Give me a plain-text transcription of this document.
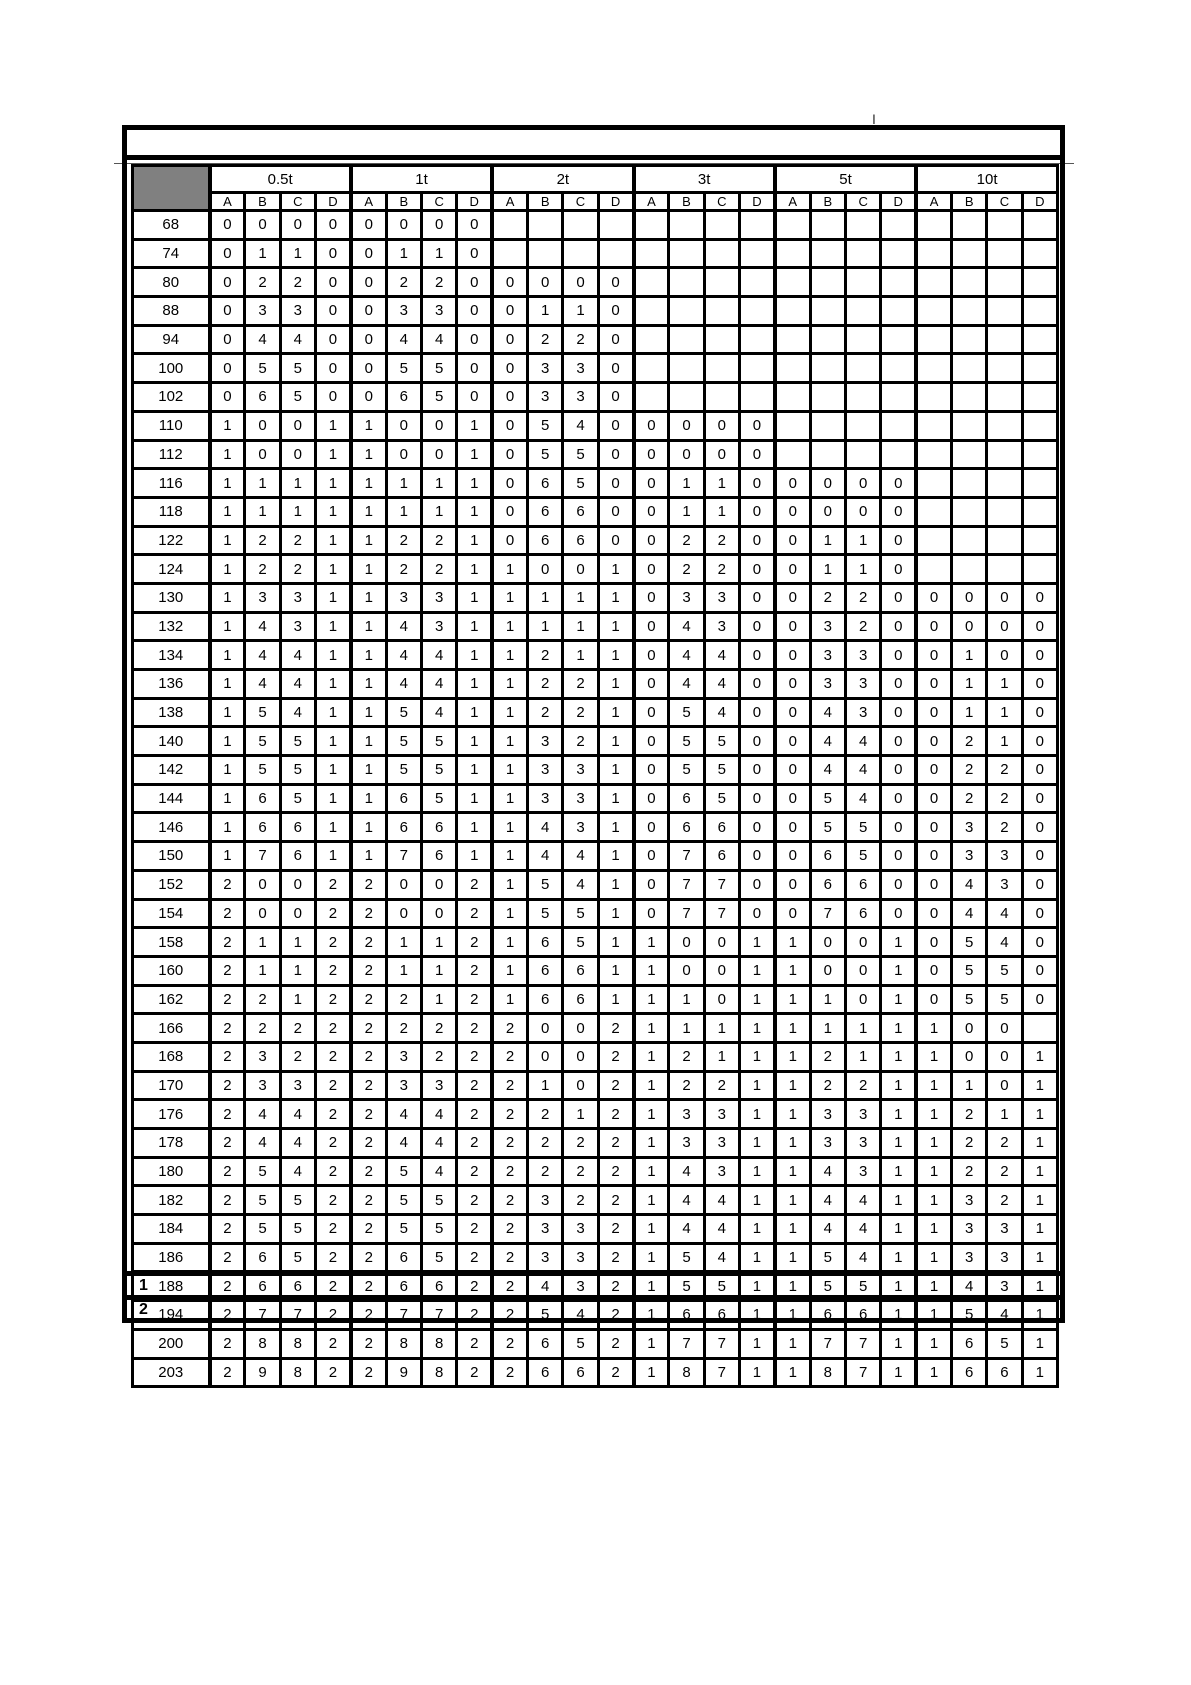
I
	0.5t				1t				2t				3t				5t				10t			
	A	B	C	D	A	B	C	D	A	B	C	D	A	B	C	D	A	B	C	D	A	B	C	D
68	0	0	0	0	0	0	0	0																
74	0	1	1	0	0	1	1	0																
80	0	2	2	0	0	2	2	0	0	0	0	0												
88	0	3	3	0	0	3	3	0	0	1	1	0												
94	0	4	4	0	0	4	4	0	0	2	2	0												
100	0	5	5	0	0	5	5	0	0	3	3	0												
102	0	6	5	0	0	6	5	0	0	3	3	0												
110	1	0	0	1	1	0	0	1	0	5	4	0	0	0	0	0								
112	1	0	0	1	1	0	0	1	0	5	5	0	0	0	0	0								
116	1	1	1	1	1	1	1	1	0	6	5	0	0	1	1	0	0	0	0	0				
118	1	1	1	1	1	1	1	1	0	6	6	0	0	1	1	0	0	0	0	0				
122	1	2	2	1	1	2	2	1	0	6	6	0	0	2	2	0	0	1	1	0				
124	1	2	2	1	1	2	2	1	1	0	0	1	0	2	2	0	0	1	1	0				
130	1	3	3	1	1	3	3	1	1	1	1	1	0	3	3	0	0	2	2	0	0	0	0	0
132	1	4	3	1	1	4	3	1	1	1	1	1	0	4	3	0	0	3	2	0	0	0	0	0
134	1	4	4	1	1	4	4	1	1	2	1	1	0	4	4	0	0	3	3	0	0	1	0	0
136	1	4	4	1	1	4	4	1	1	2	2	1	0	4	4	0	0	3	3	0	0	1	1	0
138	1	5	4	1	1	5	4	1	1	2	2	1	0	5	4	0	0	4	3	0	0	1	1	0
140	1	5	5	1	1	5	5	1	1	3	2	1	0	5	5	0	0	4	4	0	0	2	1	0
142	1	5	5	1	1	5	5	1	1	3	3	1	0	5	5	0	0	4	4	0	0	2	2	0
144	1	6	5	1	1	6	5	1	1	3	3	1	0	6	5	0	0	5	4	0	0	2	2	0
146	1	6	6	1	1	6	6	1	1	4	3	1	0	6	6	0	0	5	5	0	0	3	2	0
150	1	7	6	1	1	7	6	1	1	4	4	1	0	7	6	0	0	6	5	0	0	3	3	0
152	2	0	0	2	2	0	0	2	1	5	4	1	0	7	7	0	0	6	6	0	0	4	3	0
154	2	0	0	2	2	0	0	2	1	5	5	1	0	7	7	0	0	7	6	0	0	4	4	0
158	2	1	1	2	2	1	1	2	1	6	5	1	1	0	0	1	1	0	0	1	0	5	4	0
160	2	1	1	2	2	1	1	2	1	6	6	1	1	0	0	1	1	0	0	1	0	5	5	0
162	2	2	1	2	2	2	1	2	1	6	6	1	1	1	0	1	1	1	0	1	0	5	5	0
166	2	2	2	2	2	2	2	2	2	0	0	2	1	1	1	1	1	1	1	1	1	0	0	
168	2	3	2	2	2	3	2	2	2	0	0	2	1	2	1	1	1	2	1	1	1	0	0	1
170	2	3	3	2	2	3	3	2	2	1	0	2	1	2	2	1	1	2	2	1	1	1	0	1
176	2	4	4	2	2	4	4	2	2	2	1	2	1	3	3	1	1	3	3	1	1	2	1	1
178	2	4	4	2	2	4	4	2	2	2	2	2	1	3	3	1	1	3	3	1	1	2	2	1
180	2	5	4	2	2	5	4	2	2	2	2	2	1	4	3	1	1	4	3	1	1	2	2	1
182	2	5	5	2	2	5	5	2	2	3	2	2	1	4	4	1	1	4	4	1	1	3	2	1
184	2	5	5	2	2	5	5	2	2	3	3	2	1	4	4	1	1	4	4	1	1	3	3	1
186	2	6	5	2	2	6	5	2	2	3	3	2	1	5	4	1	1	5	4	1	1	3	3	1
188	2	6	6	2	2	6	6	2	2	4	3	2	1	5	5	1	1	5	5	1	1	4	3	1
194	2	7	7	2	2	7	7	2	2	5	4	2	1	6	6	1	1	6	6	1	1	5	4	1
200	2	8	8	2	2	8	8	2	2	6	5	2	1	7	7	1	1	7	7	1	1	6	5	1
203	2	9	8	2	2	9	8	2	2	6	6	2	1	8	7	1	1	8	7	1	1	6	6	1
1
2
